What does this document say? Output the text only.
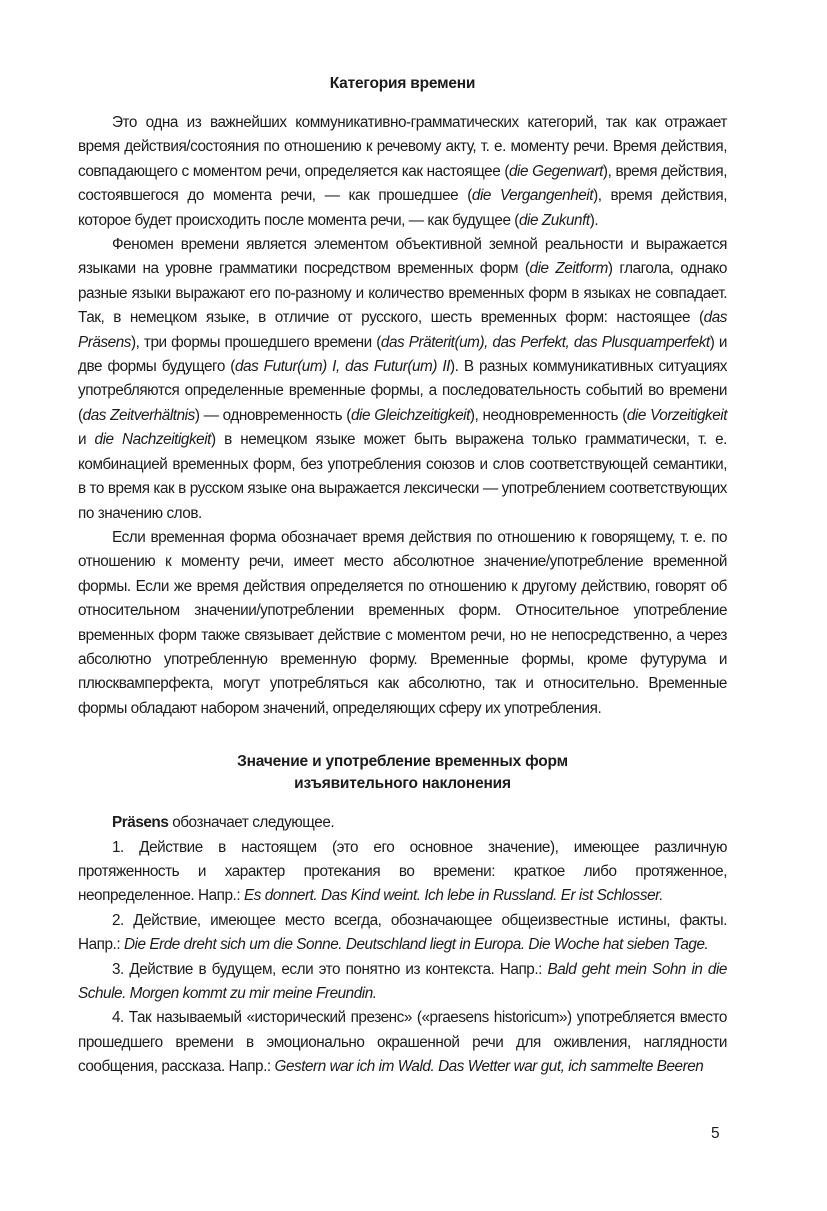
Категория времени

Это одна из важнейших коммуникативно-грамматических категорий, так как отражает время действия/состояния по отношению к речевому акту, т. е. моменту речи. Время действия, совпадающего с моментом речи, определяется как настоящее (die Gegenwart), время действия, состоявшегося до момента речи, — как прошедшее (die Vergangenheit), время действия, которое будет происходить после момента речи, — как будущее (die Zukunft).

Феномен времени является элементом объективной земной реальности и выражается языками на уровне грамматики посредством временных форм (die Zeitform) глагола, однако разные языки выражают его по-разному и количество временных форм в языках не совпадает. Так, в немецком языке, в отличие от русского, шесть временных форм: настоящее (das Präsens), три формы прошедшего времени (das Präterit(um), das Perfekt, das Plusquamperfekt) и две формы будущего (das Futur(um) I, das Futur(um) II). В разных коммуникативных ситуациях употребляются определенные временные формы, а последовательность событий во времени (das Zeitverhältnis) — одновременность (die Gleichzeitigkeit), неодновременность (die Vorzeitigkeit и die Nachzeitigkeit) в немецком языке может быть выражена только грамматически, т. е. комбинацией временных форм, без употребления союзов и слов соответствующей семантики, в то время как в русском языке она выражается лексически — употреблением соответствующих по значению слов.

Если временная форма обозначает время действия по отношению к говорящему, т. е. по отношению к моменту речи, имеет место абсолютное значение/употребление временной формы. Если же время действия определяется по отношению к другому действию, говорят об относительном значении/употреблении временных форм. Относительное употребление временных форм также связывает действие с моментом речи, но не непосредственно, а через абсолютно употребленную временную форму. Временные формы, кроме футурума и плюсквамперфекта, могут употребляться как абсолютно, так и относительно. Временные формы обладают набором значений, определяющих сферу их употребления.

Значение и употребление временных форм
изъявительного наклонения

Präsens обозначает следующее.

1. Действие в настоящем (это его основное значение), имеющее различную протяженность и характер протекания во времени: краткое либо протяженное, неопределенное. Напр.: Es donnert. Das Kind weint. Ich lebe in Russland. Er ist Schlosser.

2. Действие, имеющее место всегда, обозначающее общеизвестные истины, факты. Напр.: Die Erde dreht sich um die Sonne. Deutschland liegt in Europa. Die Woche hat sieben Tage.

3. Действие в будущем, если это понятно из контекста. Напр.: Bald geht mein Sohn in die Schule. Morgen kommt zu mir meine Freundin.

4. Так называемый «исторический презенс» («praesens historicum») употребляется вместо прошедшего времени в эмоционально окрашенной речи для оживления, наглядности сообщения, рассказа. Напр.: Gestern war ich im Wald. Das Wetter war gut, ich sammelte Beeren

5
